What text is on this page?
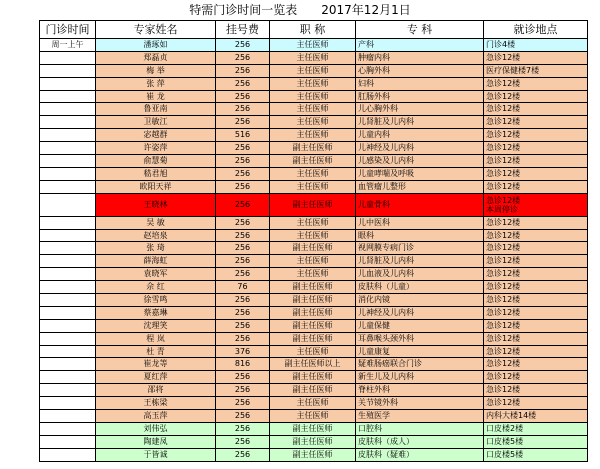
特需门诊时间一览表　　2017年12月1日
门诊时间	专家姓名	挂号费	职 称	专 科	就诊地点
周一上午	潘琢如	256	主任医师	产科	门诊4楼
	郑磊贞	256	主任医师	肿瘤内科	急诊12楼
	梅 举	256	主任医师	心胸外科	医疗保健楼7楼
	张 萍	256	主任医师	妇科	急诊12楼
	崔 龙	256	主任医师	肛肠外科	急诊12楼
	鲁亚南	256	主任医师	儿心胸外科	急诊12楼
	卫敏江	256	主任医师	儿肾脏及儿内科	急诊12楼
	宓越群	516	主任医师	儿童内科	急诊12楼
	许姿萍	256	副主任医师	儿神经及儿内科	急诊12楼
	俞慧菊	256	副主任医师	儿感染及儿内科	急诊12楼
	嵇君旭	256	主任医师	儿童哮喘及呼吸	急诊12楼
	欧阳天祥	256	主任医师	血管瘤儿整形	急诊12楼
	王晓林	256	副主任医师	儿童骨科	急诊12楼
本周停诊
	吴 敏	256	主任医师	儿中医科	急诊12楼
	赵培泉	256	主任医师	眼科	急诊12楼
	张 琦	256	副主任医师	视网膜专病门诊	急诊12楼
	薛海虹	256	主任医师	儿肾脏及儿内科	急诊12楼
	袁晓军	256	主任医师	儿血液及儿内科	急诊12楼
	佘 红	76	副主任医师	皮肤科（儿童）	急诊12楼
	徐雪鸣	256	副主任医师	消化内镜	急诊12楼
	蔡嘉琳	256	副主任医师	儿神经及儿内科	急诊12楼
	沈理笑	256	副主任医师	儿童保健	急诊12楼
	程 岚	256	副主任医师	耳鼻喉头颈外科	急诊12楼
	杜 青	376	主任医师	儿童康复	急诊12楼
	崔龙等	816	副主任医师以上	疑难肠癌联合门诊	急诊12楼
	夏红萍	256	副主任医师	新生儿及儿内科	急诊12楼
	邵将	256	副主任医师	脊柱外科	急诊12楼
	王栋梁	256	主任医师	关节镜外科	急诊12楼
	高玉萍	256	主任医师	生殖医学	内科大楼14楼
	刘伟弘	256	副主任医师	口腔科	口皮楼2楼
	陶建凤	256	副主任医师	皮肤科（成人）	口皮楼5楼
	于皆诚	256	副主任医师	皮肤科（疑难）	口皮楼5楼
